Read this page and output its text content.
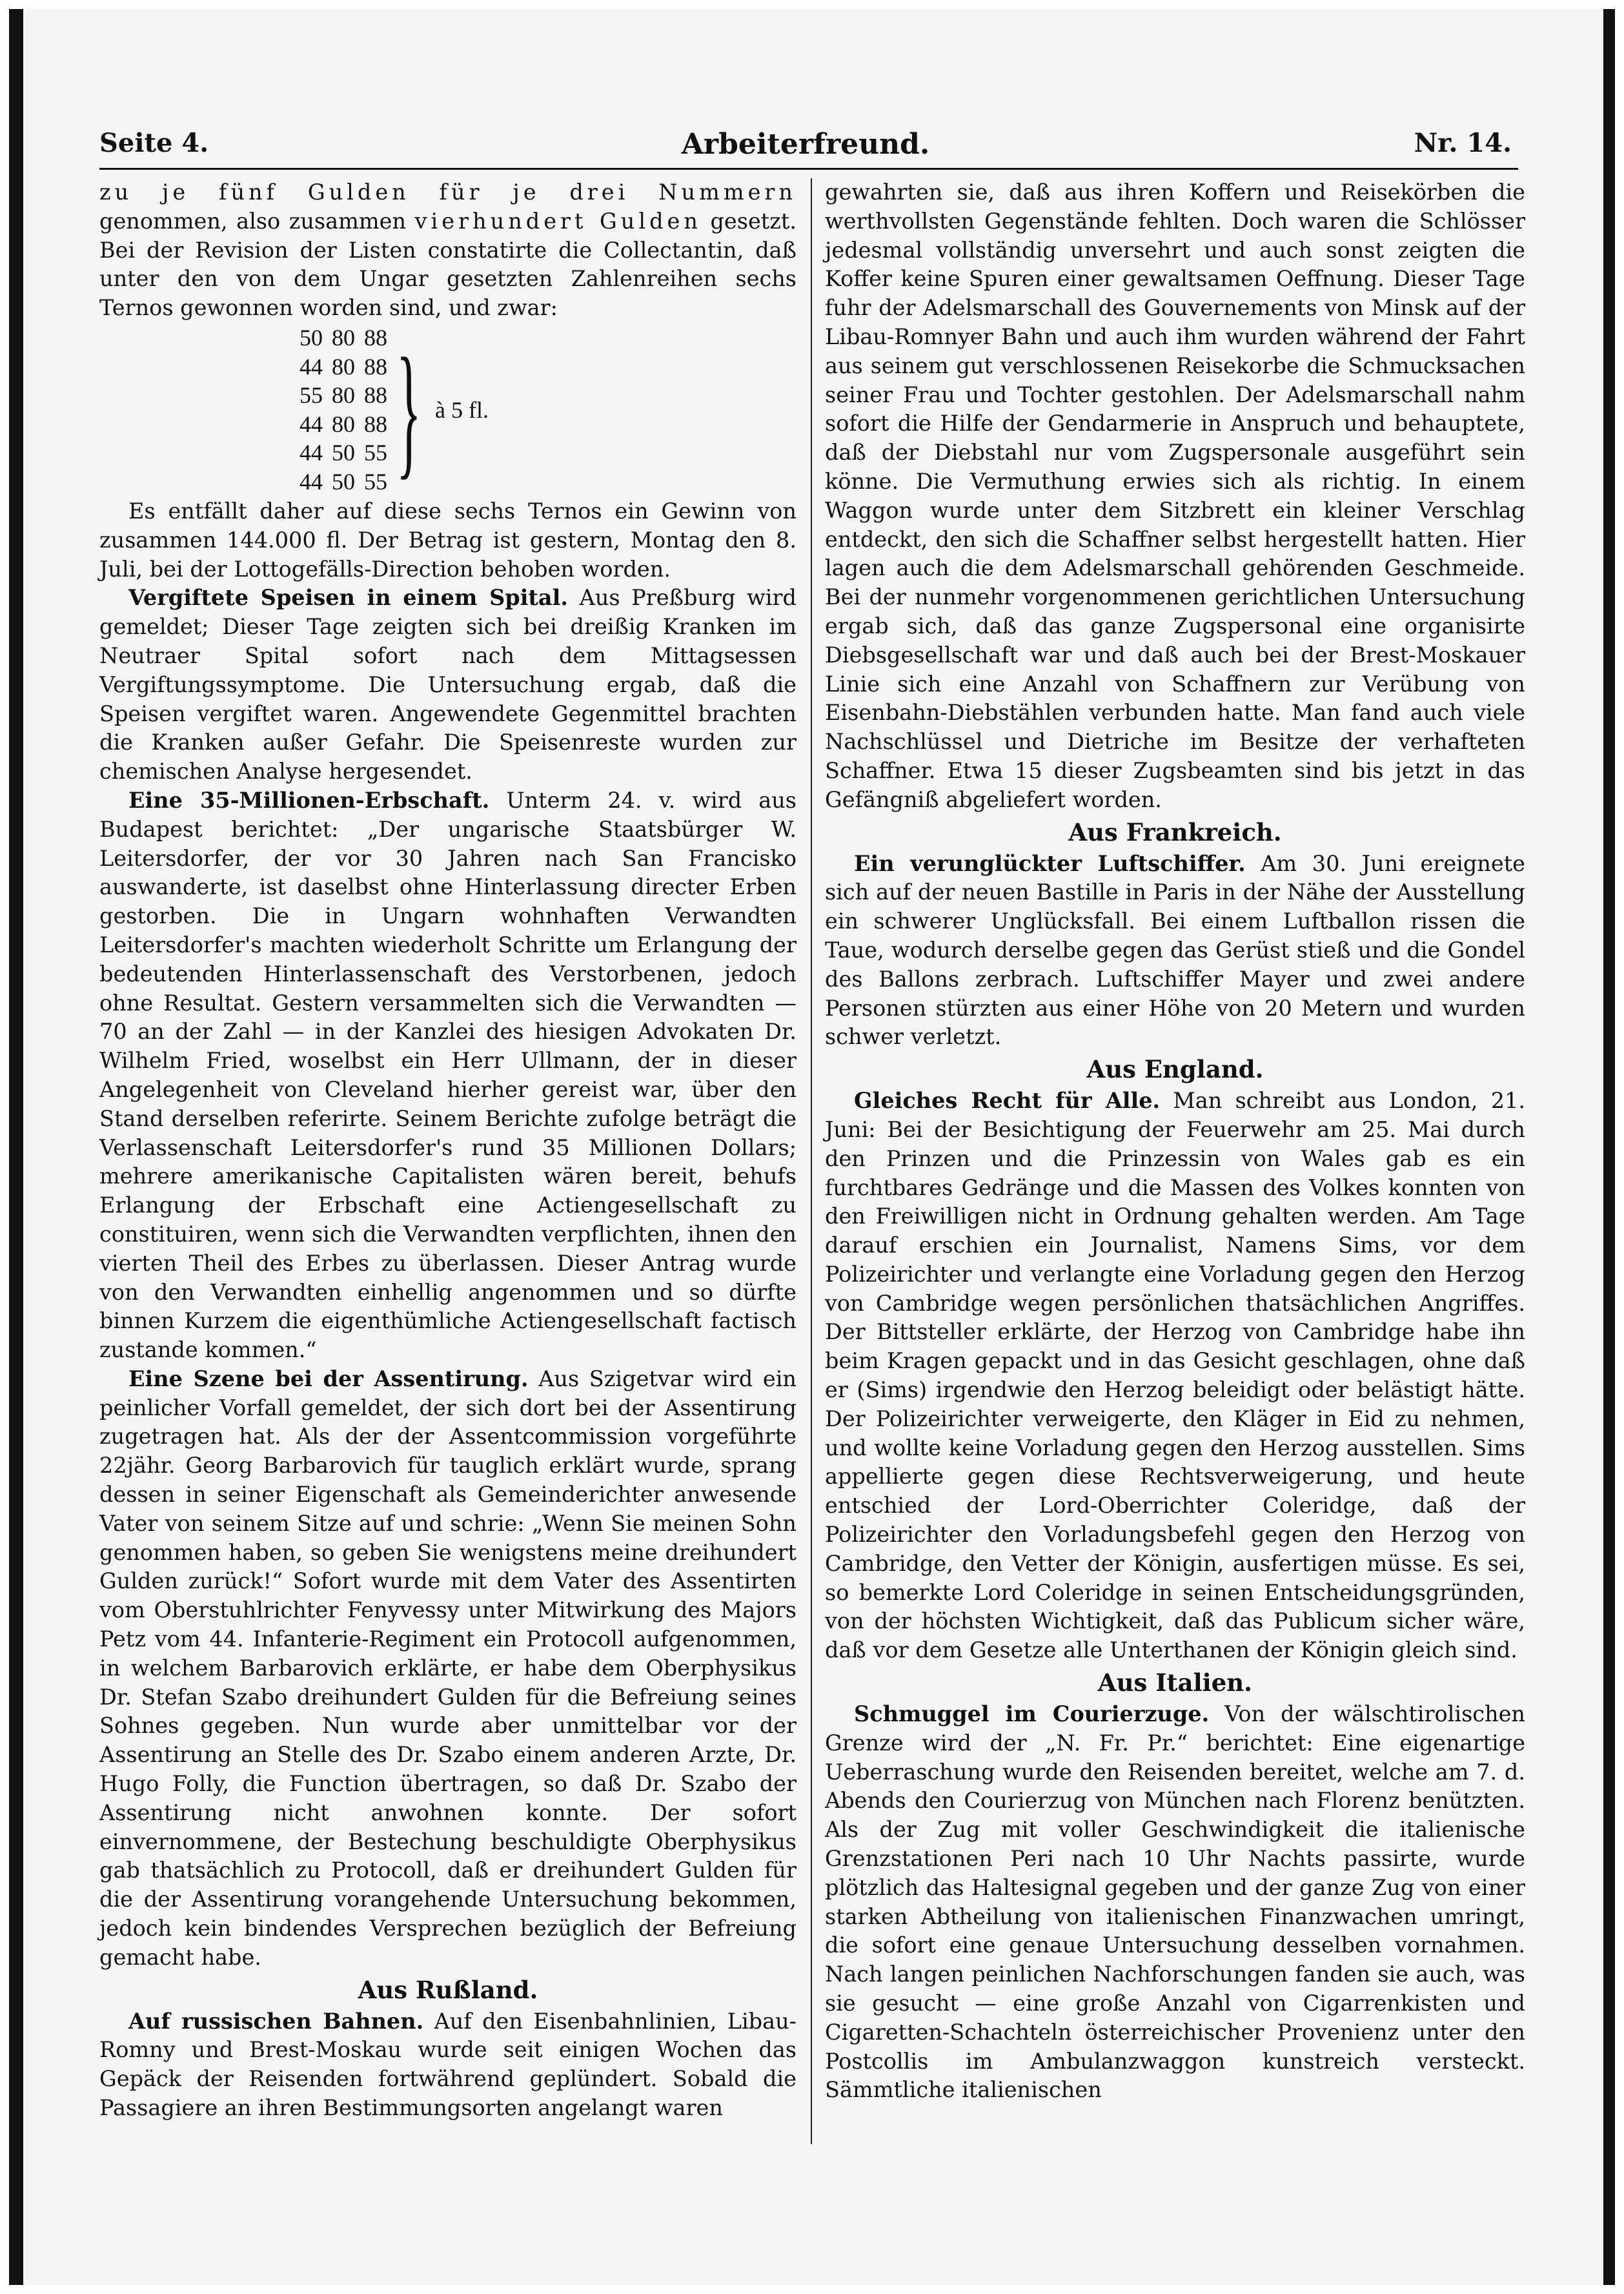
Seite 4.	Arbeiterfreund.	Nr. 14.

zu je fünf Gulden für je drei Nummern genommen, also zusammen vierhundert Gulden gesetzt. Bei der Revision der Listen constatirte die Collectantin, daß unter den von dem Ungar gesetzten Zahlenreihen sechs Ternos gewonnen worden sind, und zwar:

50	80	88
44	80	88
55	80	88
44	80	88
44	50	55
44	50	55 } à 5 fl.

Es entfällt daher auf diese sechs Ternos ein Gewinn von zusammen 144.000 fl. Der Betrag ist gestern, Montag den 8. Juli, bei der Lottogefälls-Direction behoben worden.

Vergiftete Speisen in einem Spital. Aus Preßburg wird gemeldet; Dieser Tage zeigten sich bei dreißig Kranken im Neutraer Spital sofort nach dem Mittagsessen Vergiftungssymptome. Die Untersuchung ergab, daß die Speisen vergiftet waren. Angewendete Gegenmittel brachten die Kranken außer Gefahr. Die Speisenreste wurden zur chemischen Analyse hergesendet.

Eine 35-Millionen-Erbschaft. Unterm 24. v. wird aus Budapest berichtet: „Der ungarische Staatsbürger W. Leitersdorfer, der vor 30 Jahren nach San Francisko auswanderte, ist daselbst ohne Hinterlassung directer Erben gestorben. Die in Ungarn wohnhaften Verwandten Leitersdorfer's machten wiederholt Schritte um Erlangung der bedeutenden Hinterlassenschaft des Verstorbenen, jedoch ohne Resultat. Gestern versammelten sich die Verwandten — 70 an der Zahl — in der Kanzlei des hiesigen Advokaten Dr. Wilhelm Fried, woselbst ein Herr Ullmann, der in dieser Angelegenheit von Cleveland hierher gereist war, über den Stand derselben referirte. Seinem Berichte zufolge beträgt die Verlassenschaft Leitersdorfer's rund 35 Millionen Dollars; mehrere amerikanische Capitalisten wären bereit, behufs Erlangung der Erbschaft eine Actiengesellschaft zu constituiren, wenn sich die Verwandten verpflichten, ihnen den vierten Theil des Erbes zu überlassen. Dieser Antrag wurde von den Verwandten einhellig angenommen und so dürfte binnen Kurzem die eigenthümliche Actiengesellschaft factisch zustande kommen.“

Eine Szene bei der Assentirung. Aus Szigetvar wird ein peinlicher Vorfall gemeldet, der sich dort bei der Assentirung zugetragen hat. Als der der Assentcommission vorgeführte 22jähr. Georg Barbarovich für tauglich erklärt wurde, sprang dessen in seiner Eigenschaft als Gemeinderichter anwesende Vater von seinem Sitze auf und schrie: „Wenn Sie meinen Sohn genommen haben, so geben Sie wenigstens meine dreihundert Gulden zurück!“ Sofort wurde mit dem Vater des Assentirten vom Oberstuhlrichter Fenyvessy unter Mitwirkung des Majors Petz vom 44. Infanterie-Regiment ein Protocoll aufgenommen, in welchem Barbarovich erklärte, er habe dem Oberphysikus Dr. Stefan Szabo dreihundert Gulden für die Befreiung seines Sohnes gegeben. Nun wurde aber unmittelbar vor der Assentirung an Stelle des Dr. Szabo einem anderen Arzte, Dr. Hugo Folly, die Function übertragen, so daß Dr. Szabo der Assentirung nicht anwohnen konnte. Der sofort einvernommene, der Bestechung beschuldigte Oberphysikus gab thatsächlich zu Protocoll, daß er dreihundert Gulden für die der Assentirung vorangehende Untersuchung bekommen, jedoch kein bindendes Versprechen bezüglich der Befreiung gemacht habe.

Aus Rußland.

Auf russischen Bahnen. Auf den Eisenbahnlinien, Libau-Romny und Brest-Moskau wurde seit einigen Wochen das Gepäck der Reisenden fortwährend geplündert. Sobald die Passagiere an ihren Bestimmungsorten angelangt waren

gewahrten sie, daß aus ihren Koffern und Reisekörben die werthvollsten Gegenstände fehlten. Doch waren die Schlösser jedesmal vollständig unversehrt und auch sonst zeigten die Koffer keine Spuren einer gewaltsamen Oeffnung. Dieser Tage fuhr der Adelsmarschall des Gouvernements von Minsk auf der Libau-Romnyer Bahn und auch ihm wurden während der Fahrt aus seinem gut verschlossenen Reisekorbe die Schmucksachen seiner Frau und Tochter gestohlen. Der Adelsmarschall nahm sofort die Hilfe der Gendarmerie in Anspruch und behauptete, daß der Diebstahl nur vom Zugspersonale ausgeführt sein könne. Die Vermuthung erwies sich als richtig. In einem Waggon wurde unter dem Sitzbrett ein kleiner Verschlag entdeckt, den sich die Schaffner selbst hergestellt hatten. Hier lagen auch die dem Adelsmarschall gehörenden Geschmeide. Bei der nunmehr vorgenommenen gerichtlichen Untersuchung ergab sich, daß das ganze Zugspersonal eine organisirte Diebsgesellschaft war und daß auch bei der Brest-Moskauer Linie sich eine Anzahl von Schaffnern zur Verübung von Eisenbahn-Diebstählen verbunden hatte. Man fand auch viele Nachschlüssel und Dietriche im Besitze der verhafteten Schaffner. Etwa 15 dieser Zugsbeamten sind bis jetzt in das Gefängniß abgeliefert worden.

Aus Frankreich.

Ein verunglückter Luftschiffer. Am 30. Juni ereignete sich auf der neuen Bastille in Paris in der Nähe der Ausstellung ein schwerer Unglücksfall. Bei einem Luftballon rissen die Taue, wodurch derselbe gegen das Gerüst stieß und die Gondel des Ballons zerbrach. Luftschiffer Mayer und zwei andere Personen stürzten aus einer Höhe von 20 Metern und wurden schwer verletzt.

Aus England.

Gleiches Recht für Alle. Man schreibt aus London, 21. Juni: Bei der Besichtigung der Feuerwehr am 25. Mai durch den Prinzen und die Prinzessin von Wales gab es ein furchtbares Gedränge und die Massen des Volkes konnten von den Freiwilligen nicht in Ordnung gehalten werden. Am Tage darauf erschien ein Journalist, Namens Sims, vor dem Polizeirichter und verlangte eine Vorladung gegen den Herzog von Cambridge wegen persönlichen thatsächlichen Angriffes. Der Bittsteller erklärte, der Herzog von Cambridge habe ihn beim Kragen gepackt und in das Gesicht geschlagen, ohne daß er (Sims) irgendwie den Herzog beleidigt oder belästigt hätte. Der Polizeirichter verweigerte, den Kläger in Eid zu nehmen, und wollte keine Vorladung gegen den Herzog ausstellen. Sims appellierte gegen diese Rechtsverweigerung, und heute entschied der Lord-Oberrichter Coleridge, daß der Polizeirichter den Vorladungsbefehl gegen den Herzog von Cambridge, den Vetter der Königin, ausfertigen müsse. Es sei, so bemerkte Lord Coleridge in seinen Entscheidungsgründen, von der höchsten Wichtigkeit, daß das Publicum sicher wäre, daß vor dem Gesetze alle Unterthanen der Königin gleich sind.

Aus Italien.

Schmuggel im Courierzuge. Von der wälschtirolischen Grenze wird der „N. Fr. Pr.“ berichtet: Eine eigenartige Ueberraschung wurde den Reisenden bereitet, welche am 7. d. Abends den Courierzug von München nach Florenz benützten. Als der Zug mit voller Geschwindigkeit die italienische Grenzstationen Peri nach 10 Uhr Nachts passirte, wurde plötzlich das Haltesignal gegeben und der ganze Zug von einer starken Abtheilung von italienischen Finanzwachen umringt, die sofort eine genaue Untersuchung desselben vornahmen. Nach langen peinlichen Nachforschungen fanden sie auch, was sie gesucht — eine große Anzahl von Cigarrenkisten und Cigaretten-Schachteln österreichischer Provenienz unter den Postcollis im Ambulanzwaggon kunstreich versteckt. Sämmtliche italienischen
